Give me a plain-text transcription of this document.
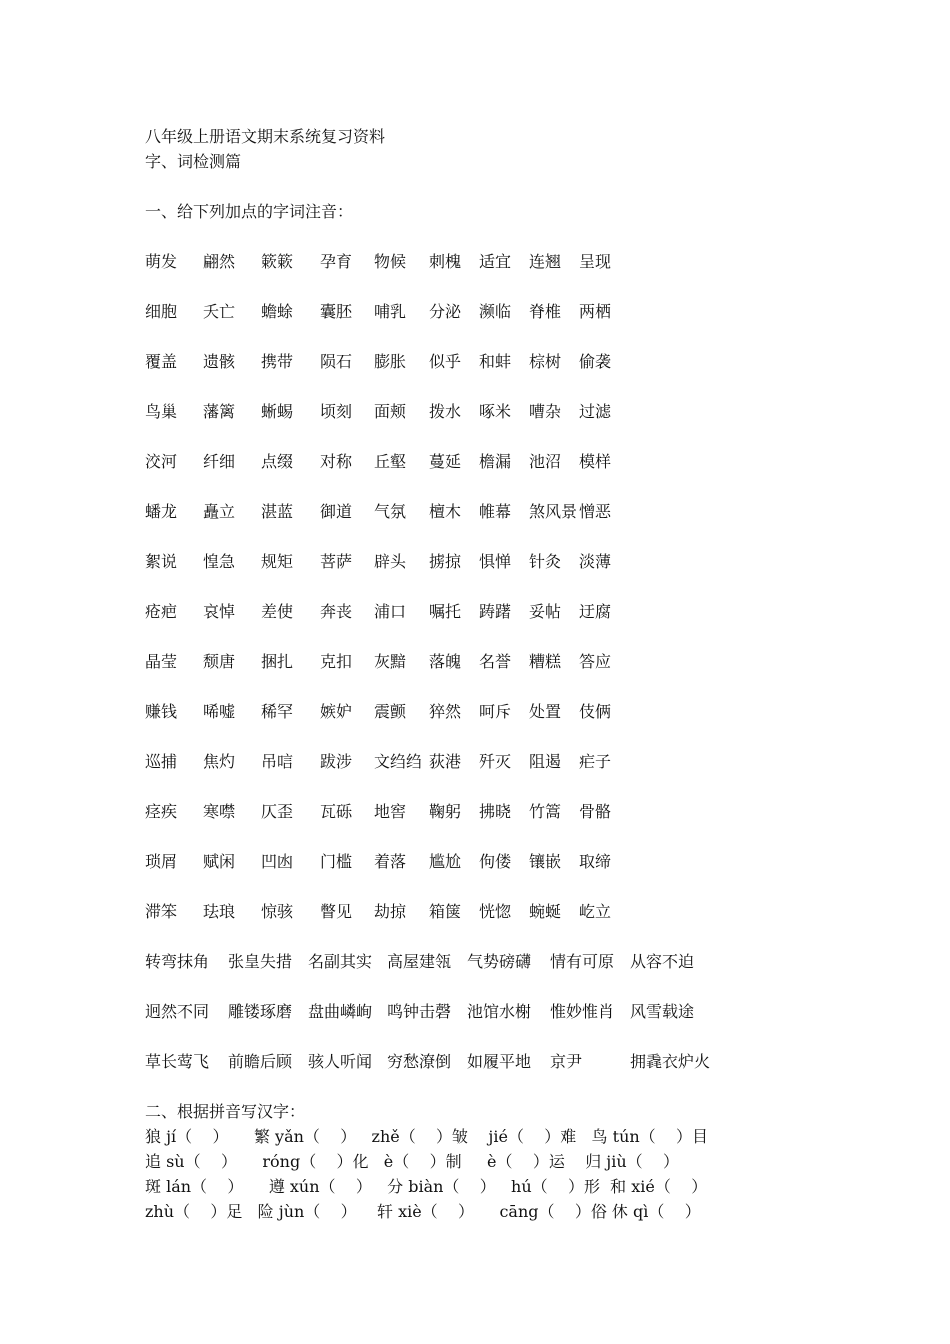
八年级上册语文期末系统复习资料
字、词检测篇
一、给下列加点的字词注音：
萌发 翩然 簌簌 孕育 物候 刺槐 适宜 连翘 呈现
细胞 夭亡 蟾蜍 囊胚 哺乳 分泌 濒临 脊椎 两栖
覆盖 遗骸 携带 陨石 膨胀 似乎 和蚌 棕树 偷袭
鸟巢 藩篱 蜥蜴 顷刻 面颊 拨水 啄米 嘈杂 过滤
洨河 纤细 点缀 对称 丘壑 蔓延 檐漏 池沼 模样
蟠龙 矗立 湛蓝 御道 气氛 檀木 帷幕 煞风景 憎恶
絮说 惶急 规矩 菩萨 辟头 掳掠 惧惮 针灸 淡薄
疮疤 哀悼 差使 奔丧 浦口 嘱托 踌躇 妥帖 迂腐
晶莹 颓唐 捆扎 克扣 灰黯 落魄 名誉 糟糕 答应
赚钱 唏嘘 稀罕 嫉妒 震颤 猝然 呵斥 处置 伎俩
巡捕 焦灼 吊唁 跋涉 文绉绉 荻港 歼灭 阻遏 疟子
痉疾 寒噤 仄歪 瓦砾 地窖 鞠躬 拂晓 竹篙 骨骼
琐屑 赋闲 凹凼 门槛 着落 尴尬 佝偻 镶嵌 取缔
滞笨 珐琅 惊骇 瞥见 劫掠 箱箧 恍惚 蜿蜒 屹立
转弯抹角 张皇失措 名副其实 高屋建瓴 气势磅礴 情有可原 从容不迫
迥然不同 雕镂琢磨 盘曲嶙峋 鸣钟击磬 池馆水榭 惟妙惟肖 风雪载途
草长莺飞 前瞻后顾 骇人听闻 穷愁潦倒 如履平地 京尹	拥毳衣炉火
二、根据拼音写汉字：
狼 jí（    ）     繁 yǎn（    ）   zhě（    ）皱    jié（    ）难   鸟 tún（    ）目
追 sù（    ）     róng（    ）化   è（    ）制     è（    ）运    归 jiù（    ）
斑 lán（    ）     遵 xún（    ）   分 biàn（    ）   hú（    ）形  和 xié（    ）
zhù（    ）足   险 jùn（    ）    轩 xiè（    ）     cāng（    ）俗 休 qì（    ）
